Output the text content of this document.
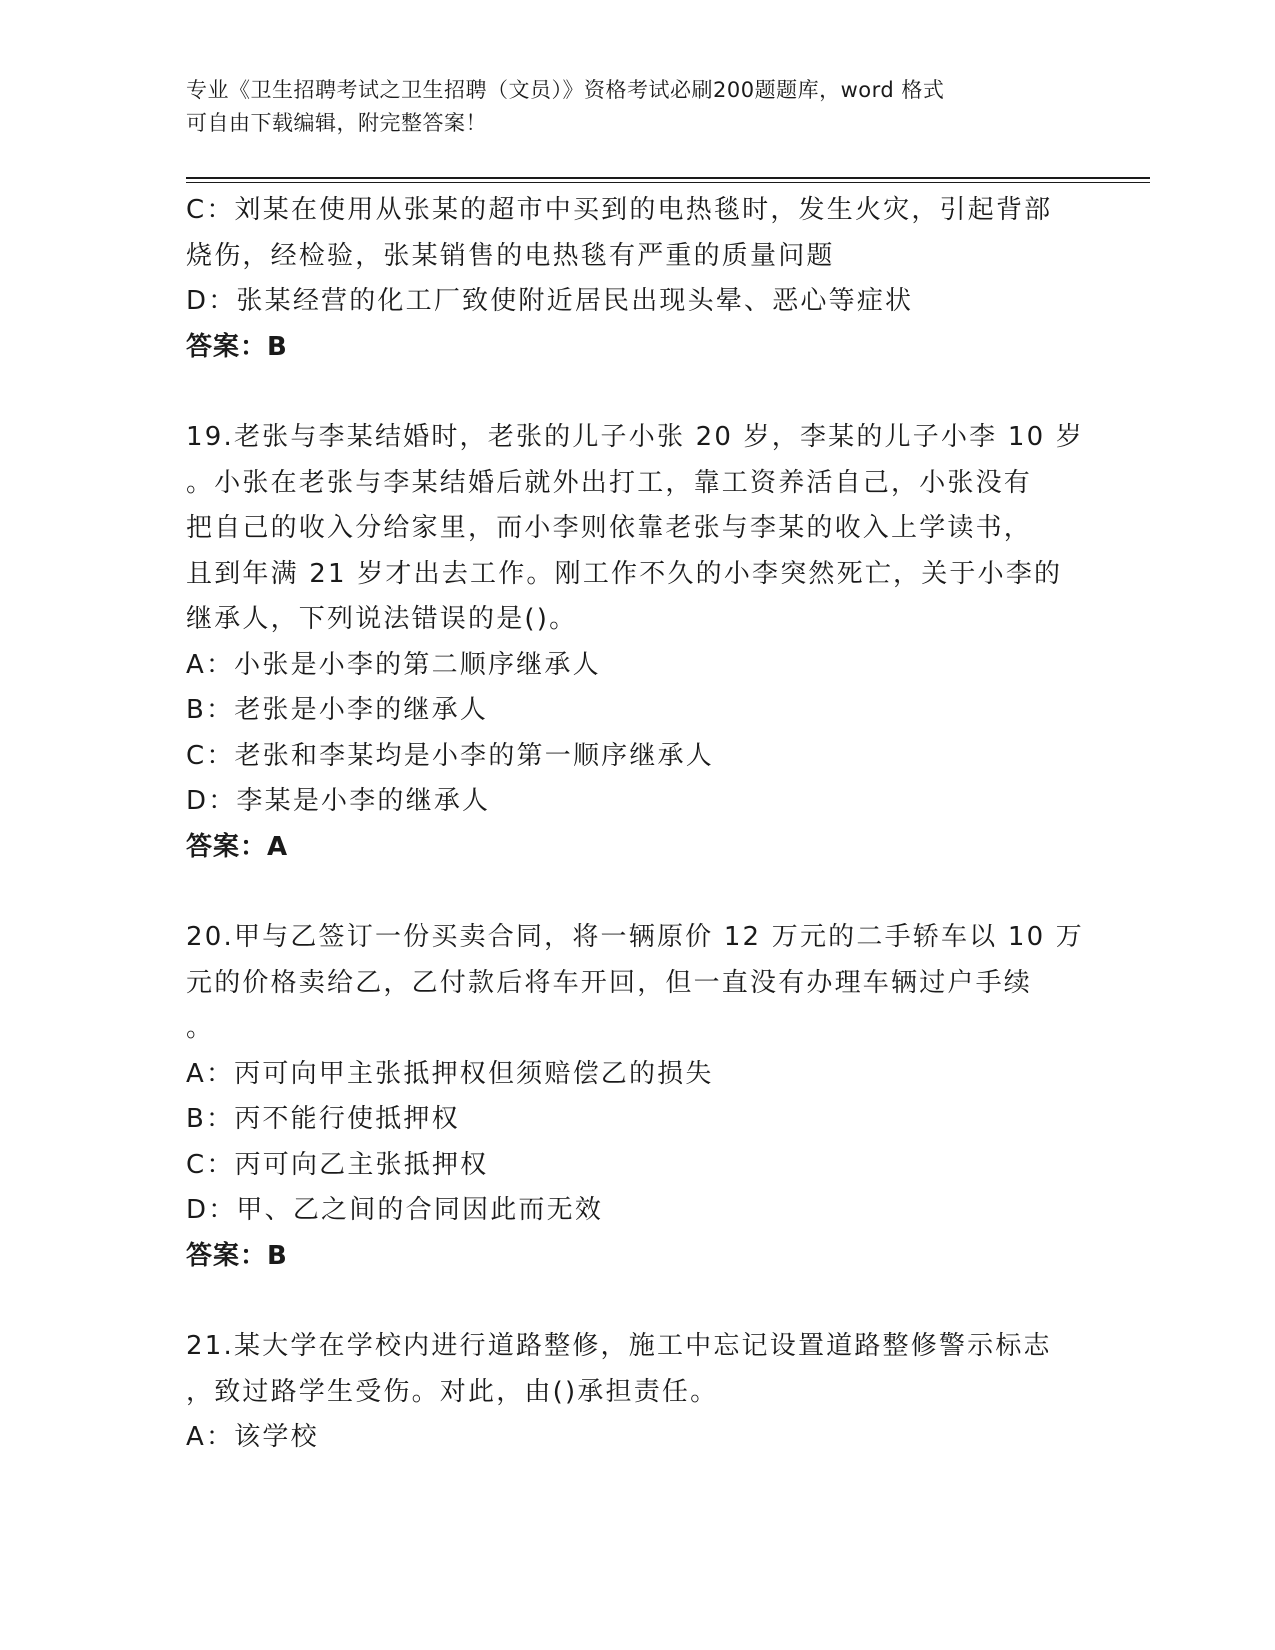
专业《卫生招聘考试之卫生招聘（文员）》资格考试必刷200题题库，word 格式
可自由下载编辑，附完整答案！
C：刘某在使用从张某的超市中买到的电热毯时，发生火灾，引起背部
烧伤，经检验，张某销售的电热毯有严重的质量问题
D：张某经营的化工厂致使附近居民出现头晕、恶心等症状
答案：B
19.老张与李某结婚时，老张的儿子小张 20 岁，李某的儿子小李 10 岁
。小张在老张与李某结婚后就外出打工，靠工资养活自己，小张没有
把自己的收入分给家里，而小李则依靠老张与李某的收入上学读书，
且到年满 21 岁才出去工作。刚工作不久的小李突然死亡，关于小李的
继承人，下列说法错误的是()。
A：小张是小李的第二顺序继承人
B：老张是小李的继承人
C：老张和李某均是小李的第一顺序继承人
D：李某是小李的继承人
答案：A
20.甲与乙签订一份买卖合同，将一辆原价 12 万元的二手轿车以 10 万
元的价格卖给乙，乙付款后将车开回，但一直没有办理车辆过户手续
。
A：丙可向甲主张抵押权但须赔偿乙的损失
B：丙不能行使抵押权
C：丙可向乙主张抵押权
D：甲、乙之间的合同因此而无效
答案：B
21.某大学在学校内进行道路整修，施工中忘记设置道路整修警示标志
，致过路学生受伤。对此，由()承担责任。
A：该学校
